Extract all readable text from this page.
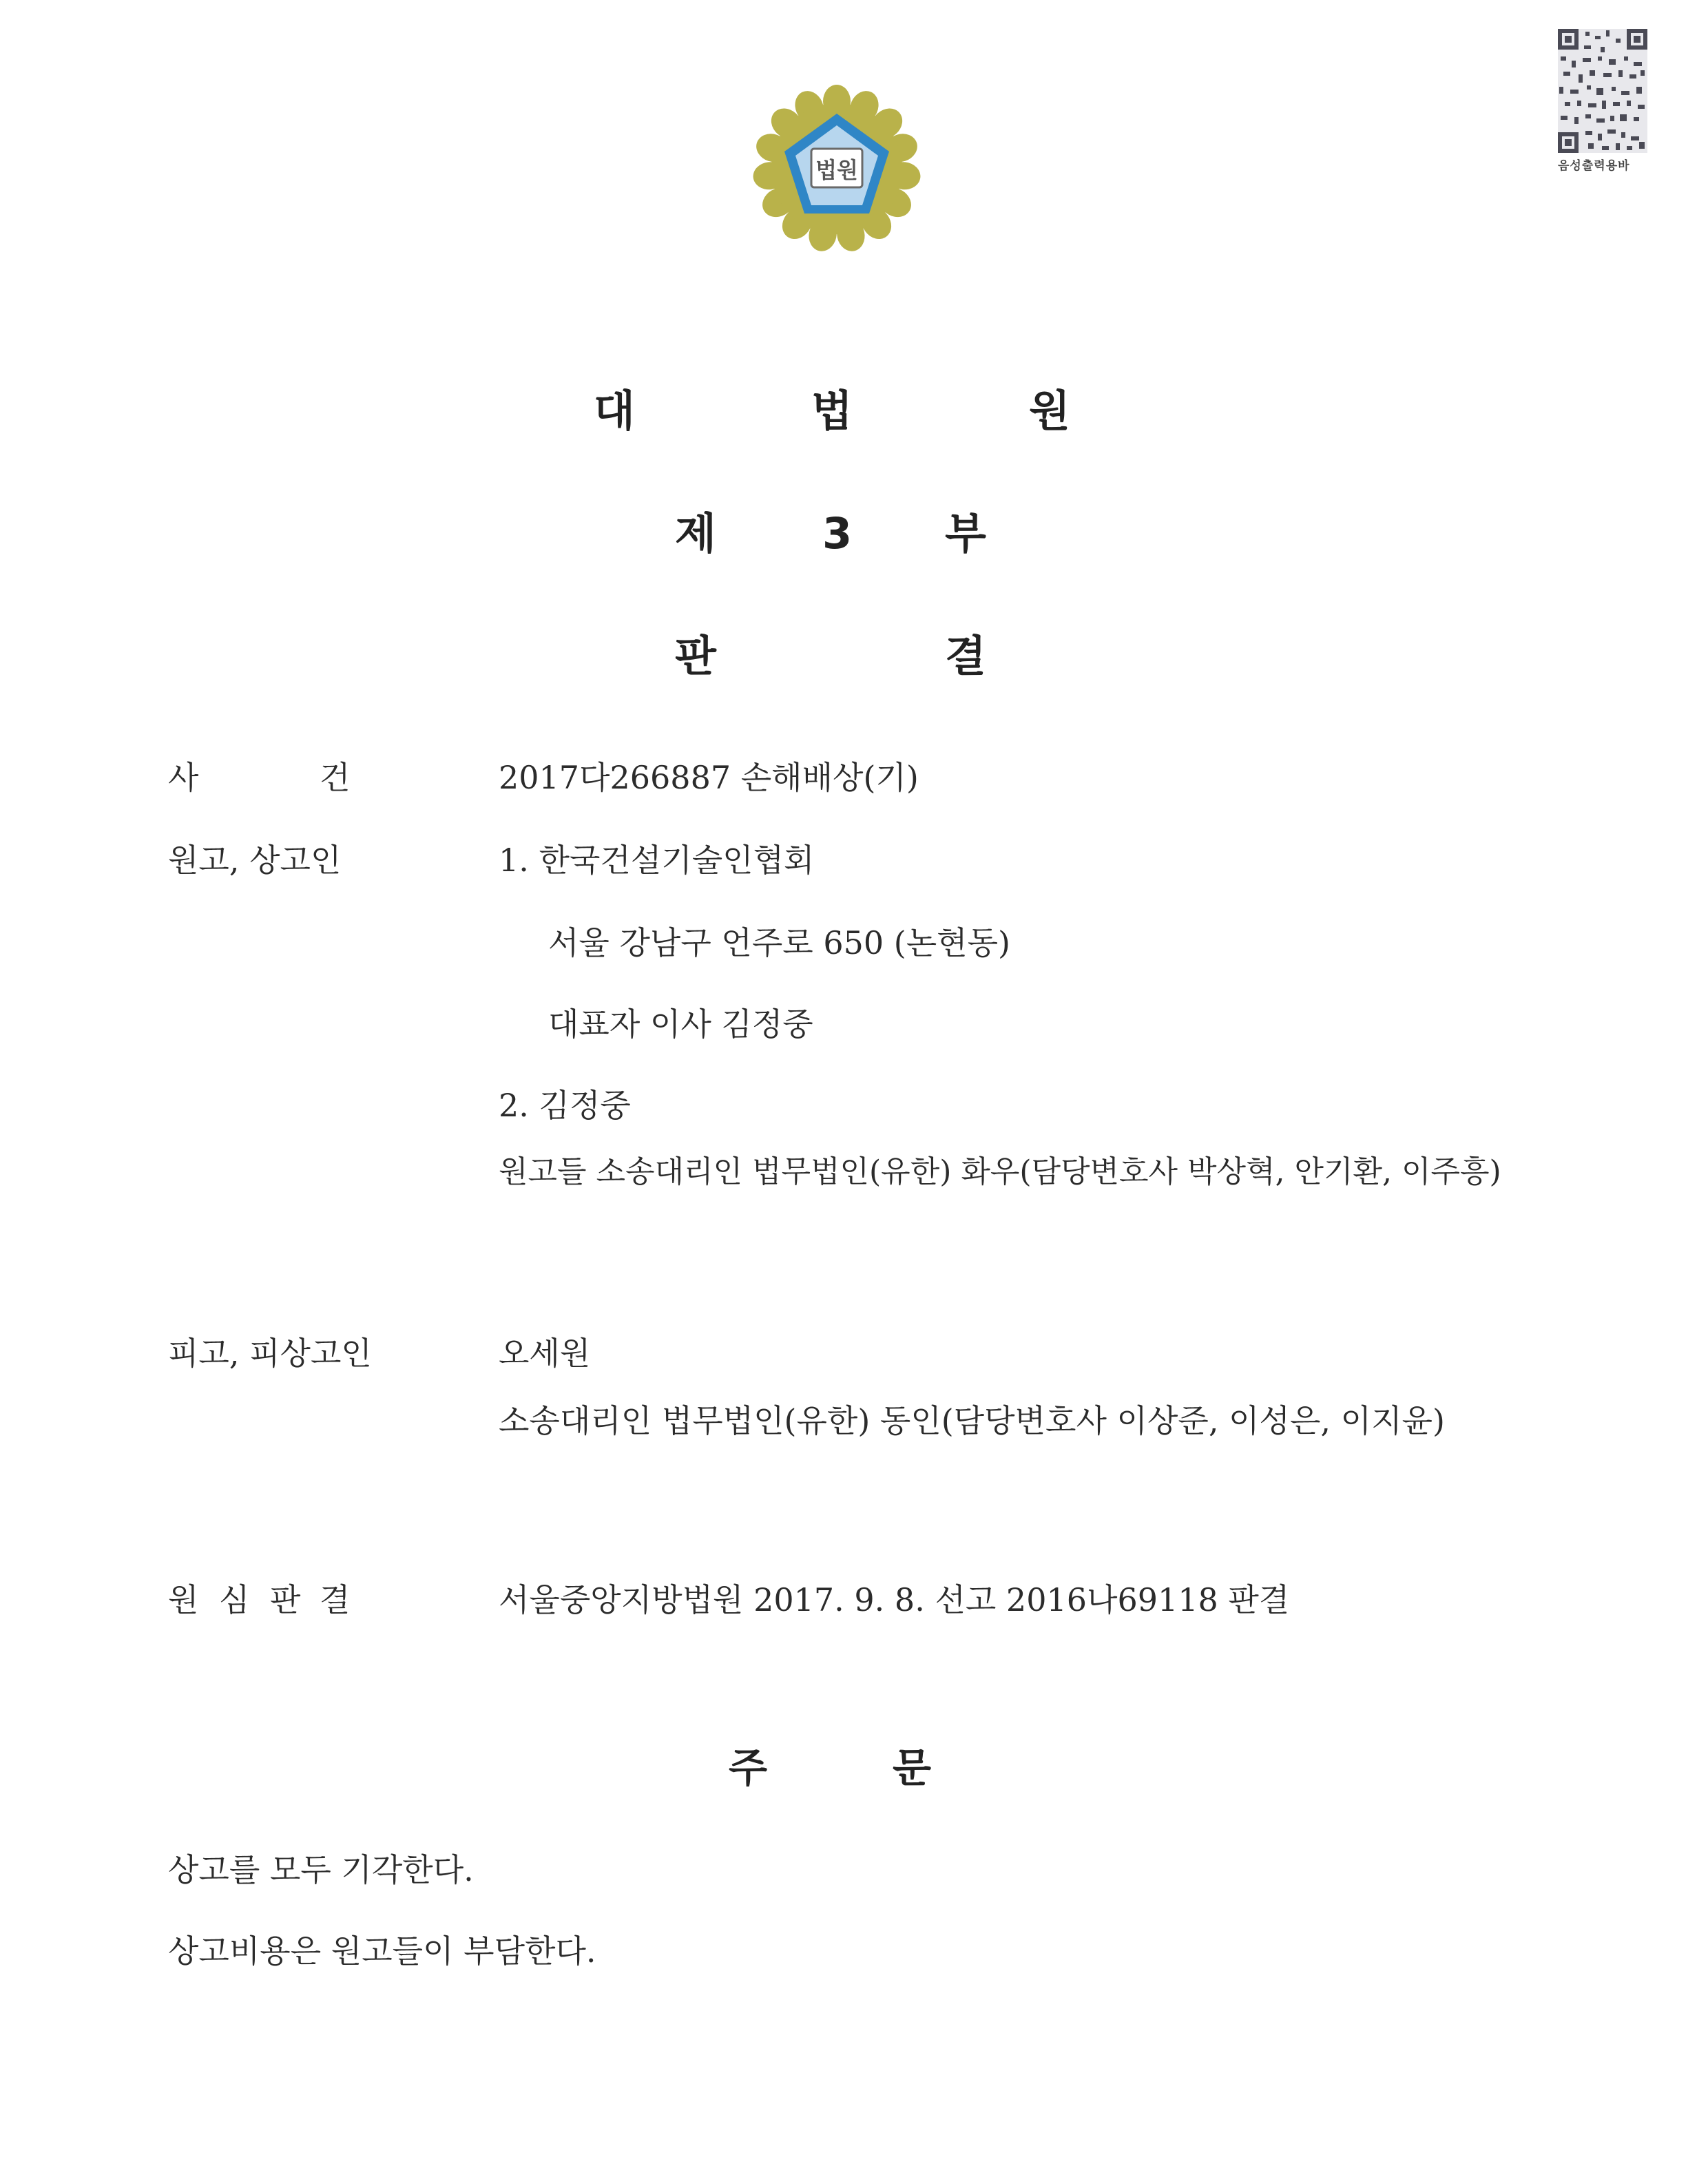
법원	음성출력용바
대	법	원
제 3 부
판	결
사	건	2017다266887 손해배상(기)
원고, 상고인	1. 한국건설기술인협회
서울 강남구 언주로 650 (논현동)
대표자 이사 김정중
2. 김정중
원고들 소송대리인 법무법인(유한) 화우(담당변호사 박상혁, 안기환, 이주흥)
피고, 피상고인	오세원
소송대리인 법무법인(유한) 동인(담당변호사 이상준, 이성은, 이지윤)
원 심 판 결	서울중앙지방법원 2017. 9. 8. 선고 2016나69118 판결
주	문
상고를 모두 기각한다.
상고비용은 원고들이 부담한다.
